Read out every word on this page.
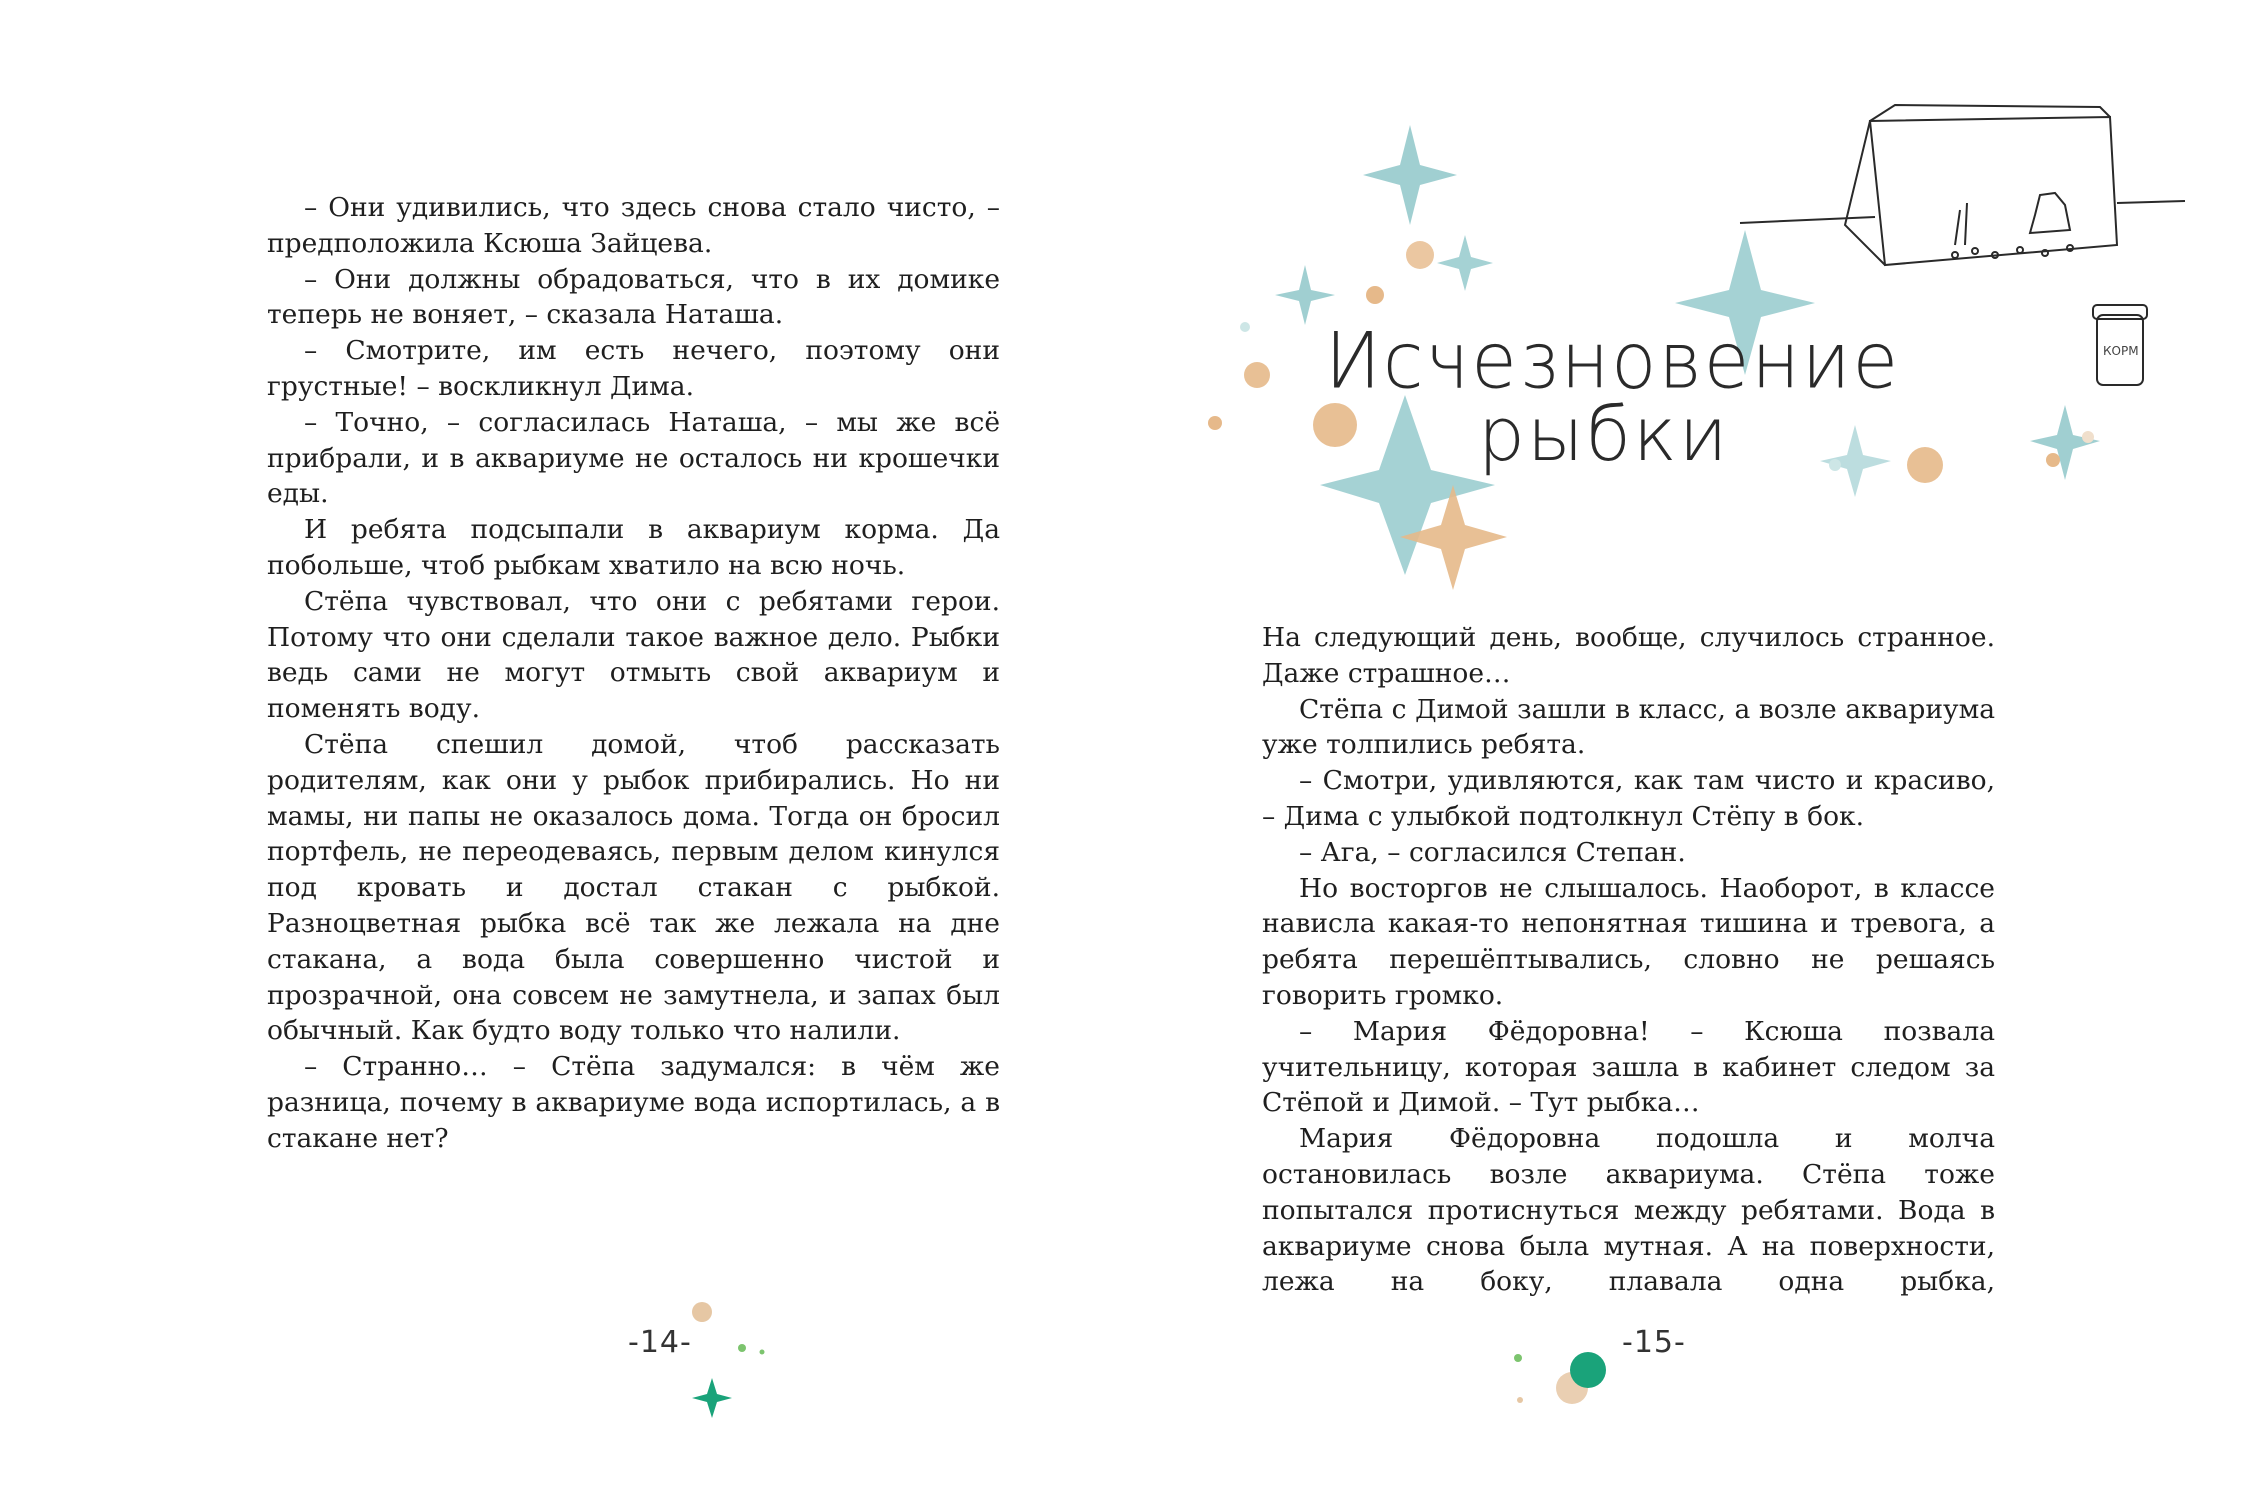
– Они удивились, что здесь снова стало чисто, – предположила Ксюша Зайцева.

– Они должны обрадоваться, что в их домике теперь не воняет, – сказала Наташа.

– Смотрите, им есть нечего, поэтому они грустные! – воскликнул Дима.

– Точно, – согласилась Наташа, – мы же всё прибрали, и в аквариуме не осталось ни крошечки еды.

И ребята подсыпали в аквариум корма. Да побольше, чтоб рыбкам хватило на всю ночь.

Стёпа чувствовал, что они с ребятами герои. Потому что они сделали такое важное дело. Рыбки ведь сами не могут отмыть свой аквариум и поменять воду.

Стёпа спешил домой, чтоб рассказать родителям, как они у рыбок прибирались. Но ни мамы, ни папы не оказалось дома. Тогда он бросил портфель, не переодеваясь, первым делом кинулся под кровать и достал стакан с рыбкой. Разноцветная рыбка всё так же лежала на дне стакана, а вода была совершенно чистой и прозрачной, она совсем не замутнела, и запах был обычный. Как будто воду только что налили.

– Странно… – Стёпа задумался: в чём же разница, почему в аквариуме вода испортилась, а в стакане нет?

-14-
Исчезновение
рыбки
КОРМ

На следующий день, вообще, случилось странное. Даже страшное…

Стёпа с Димой зашли в класс, а возле аквариума уже толпились ребята.

– Смотри, удивляются, как там чисто и красиво, – Дима с улыбкой подтолкнул Стёпу в бок.

– Ага, – согласился Степан.

Но восторгов не слышалось. Наоборот, в классе нависла какая-то непонятная тишина и тревога, а ребята перешёптывались, словно не решаясь говорить громко.

– Мария Фёдоровна! – Ксюша позвала учительницу, которая зашла в кабинет следом за Стёпой и Димой. – Тут рыбка…

Мария Фёдоровна подошла и молча остановилась возле аквариума. Стёпа тоже попытался протиснуться между ребятами. Вода в аквариуме снова была мутная. А на поверхности, лежа на боку, плавала одна рыбка,

-15-
